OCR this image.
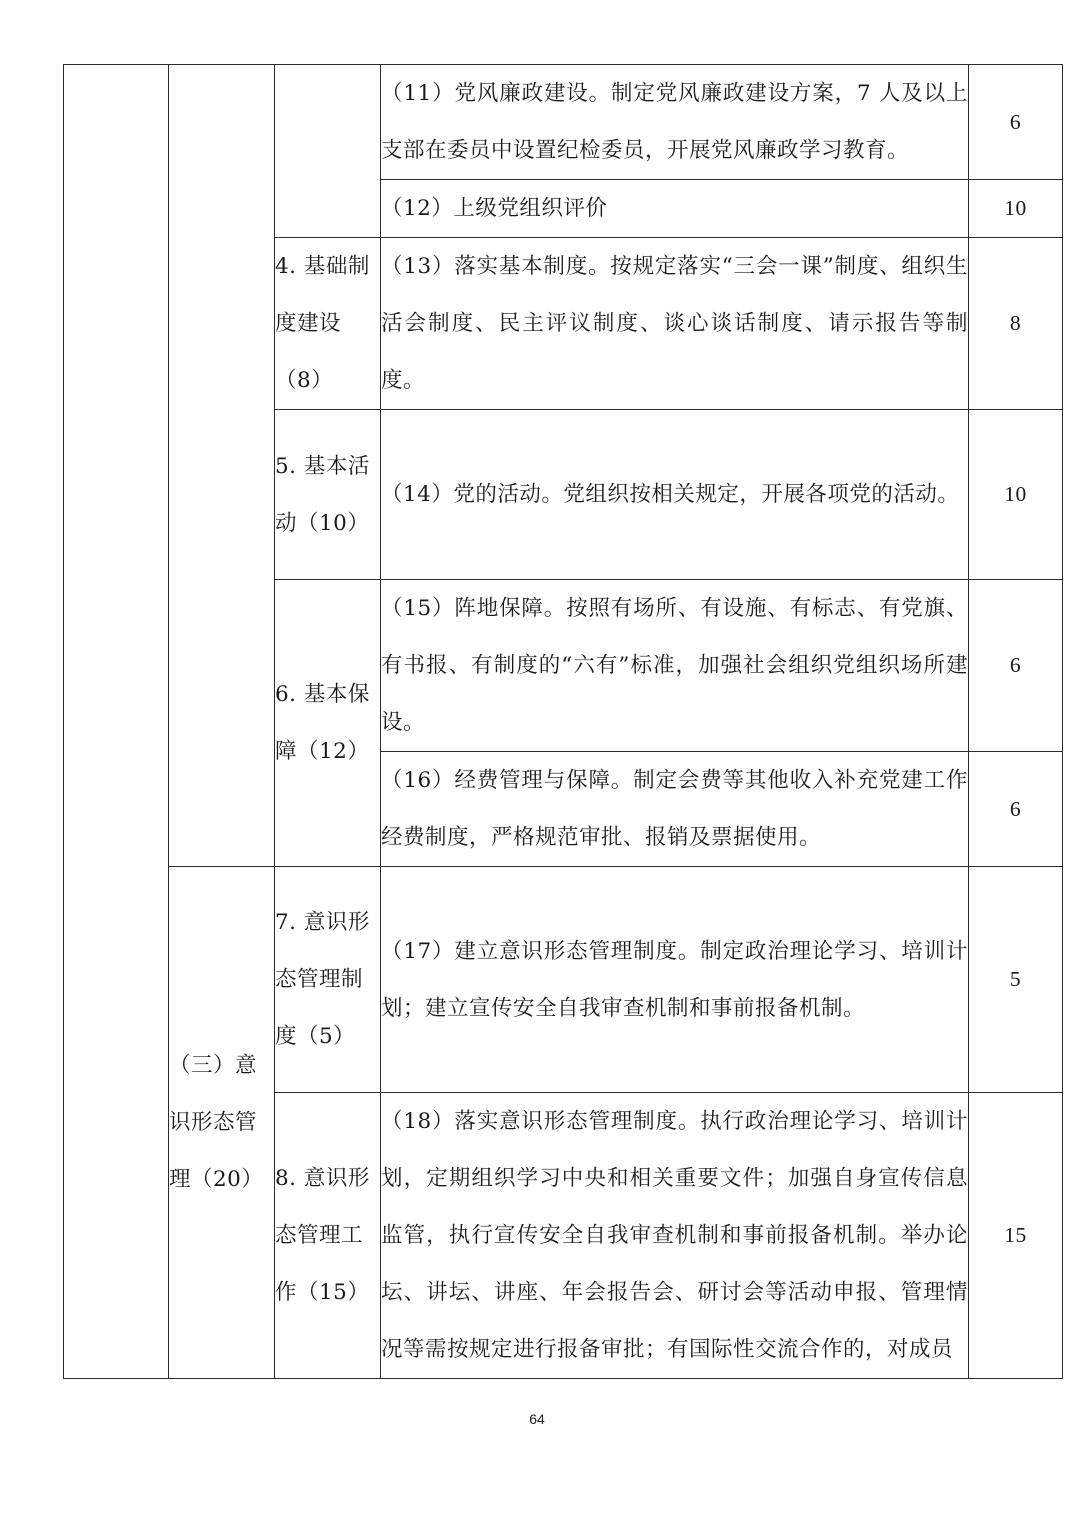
			（11）党风廉政建设。制定党风廉政建设方案，7 人及以上支部在委员中设置纪检委员，开展党风廉政学习教育。	6
			（12）上级党组织评价	10
		4. 基础制度建设（8）	（13）落实基本制度。按规定落实“三会一课”制度、组织生活会制度、民主评议制度、谈心谈话制度、请示报告等制度。	8
		5. 基本活动（10）	（14）党的活动。党组织按相关规定，开展各项党的活动。	10
		6. 基本保障（12）	（15）阵地保障。按照有场所、有设施、有标志、有党旗、有书报、有制度的“六有”标准，加强社会组织党组织场所建设。	6
			（16）经费管理与保障。制定会费等其他收入补充党建工作经费制度，严格规范审批、报销及票据使用。	6
	（三）意识形态管理（20）	7. 意识形态管理制度（5）	（17）建立意识形态管理制度。制定政治理论学习、培训计划；建立宣传安全自我审查机制和事前报备机制。	5
		8. 意识形态管理工作（15）	（18）落实意识形态管理制度。执行政治理论学习、培训计划，定期组织学习中央和相关重要文件；加强自身宣传信息监管，执行宣传安全自我审查机制和事前报备机制。举办论坛、讲坛、讲座、年会报告会、研讨会等活动申报、管理情况等需按规定进行报备审批；有国际性交流合作的，对成员	15
64
